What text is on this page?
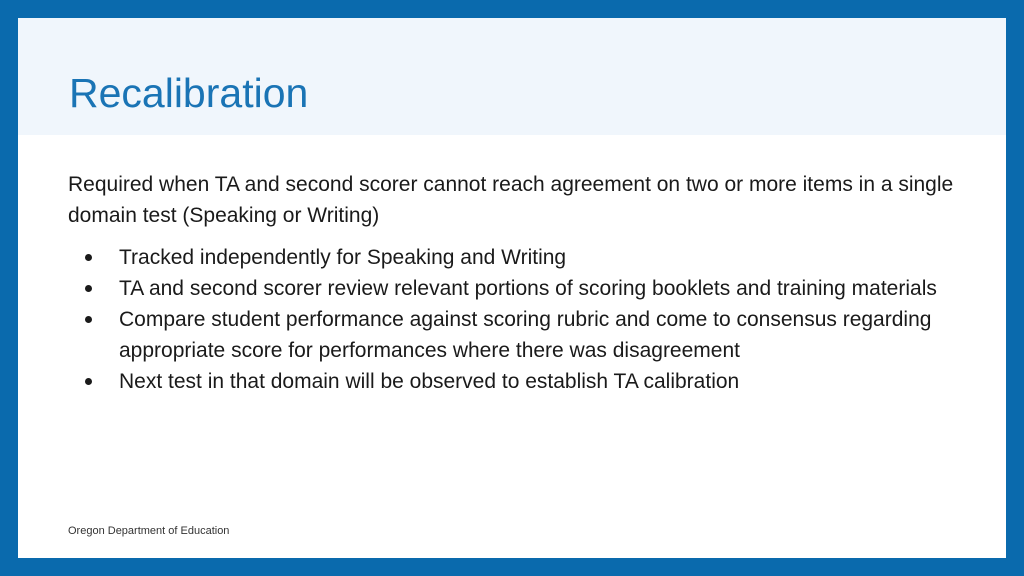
Recalibration

Required when TA and second scorer cannot reach agreement on two or more items in a single domain test (Speaking or Writing)

Tracked independently for Speaking and Writing
TA and second scorer review relevant portions of scoring booklets and training materials
Compare student performance against scoring rubric and come to consensus regarding appropriate score for performances where there was disagreement
Next test in that domain will be observed to establish TA calibration
Oregon Department of Education
